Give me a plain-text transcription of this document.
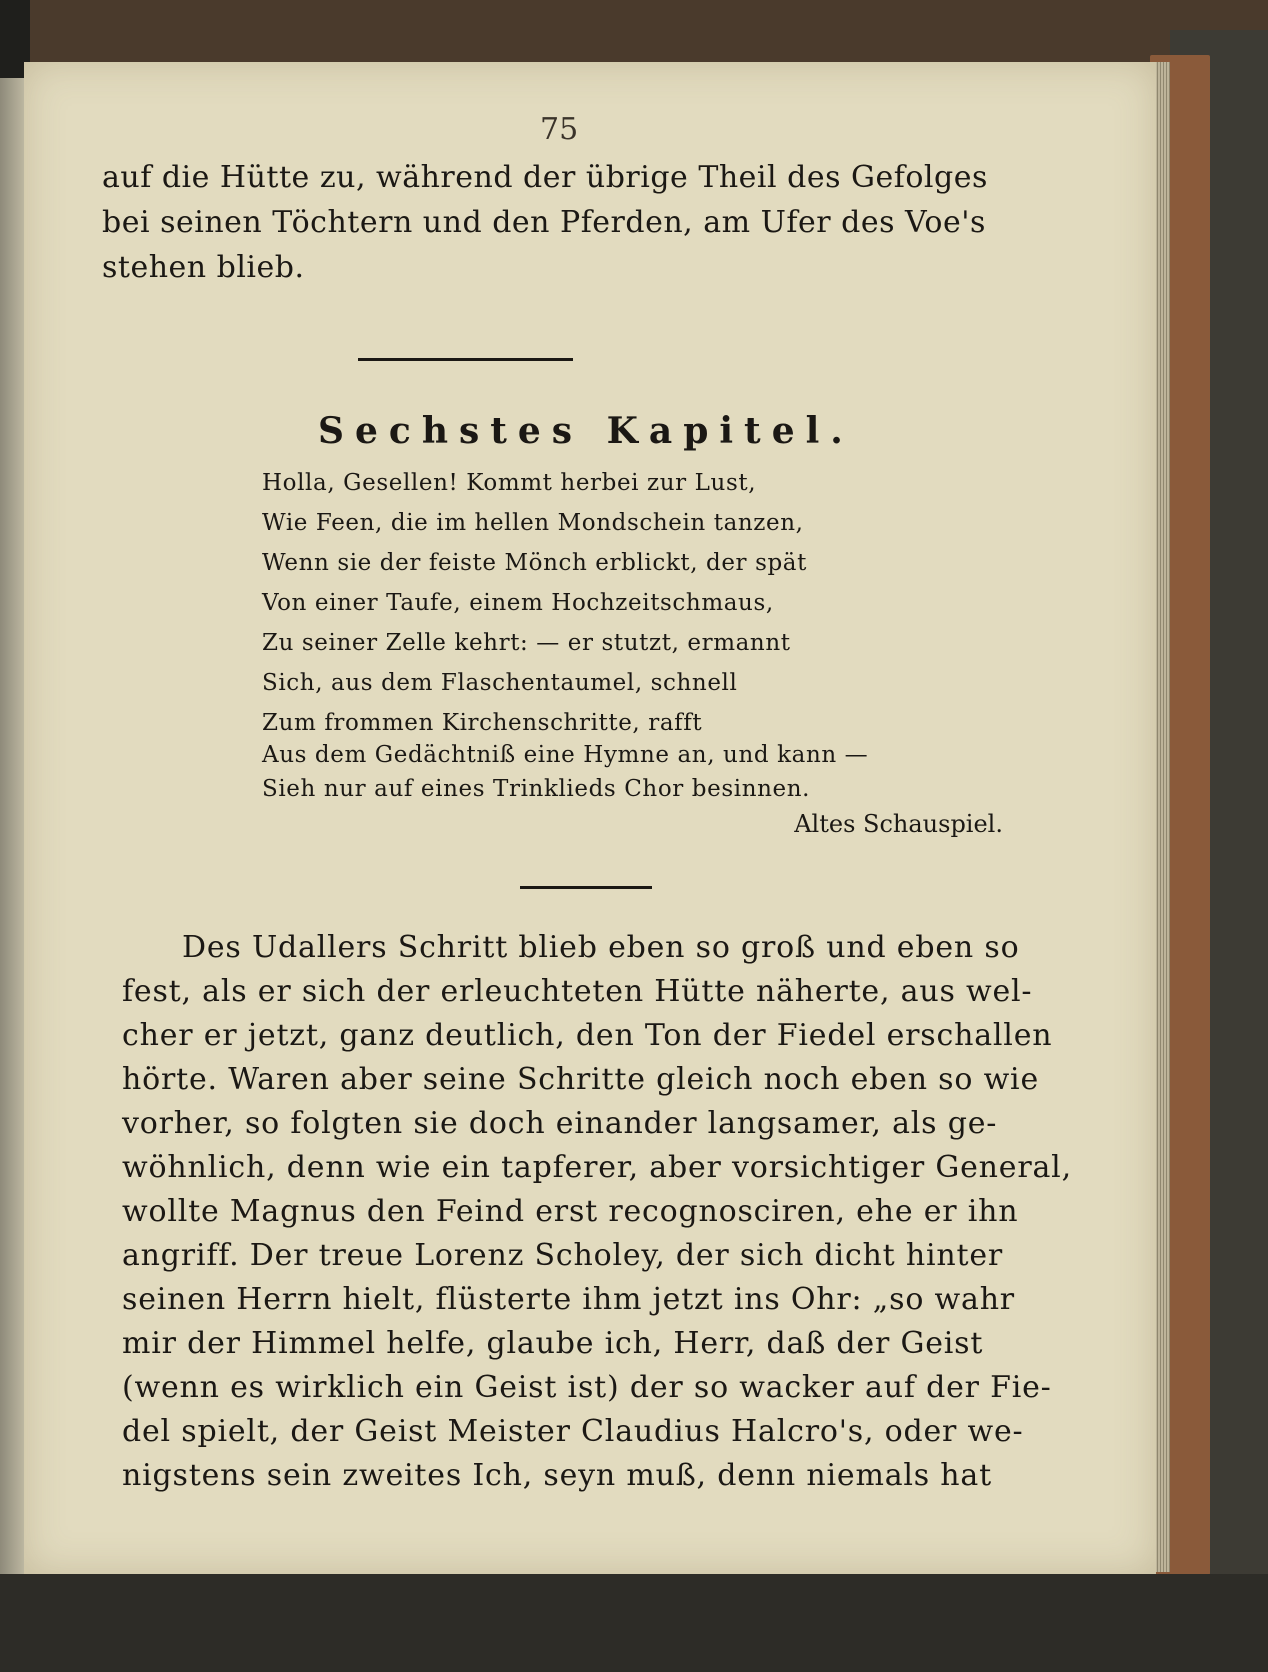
75
auf die Hütte zu, während der übrige Theil des Gefolges
bei seinen Töchtern und den Pferden, am Ufer des Voe's
stehen blieb.
Sechstes Kapitel.
Holla, Gesellen! Kommt herbei zur Lust,
Wie Feen, die im hellen Mondschein tanzen,
Wenn sie der feiste Mönch erblickt, der spät
Von einer Taufe, einem Hochzeitschmaus,
Zu seiner Zelle kehrt: — er stutzt, ermannt
Sich, aus dem Flaschentaumel, schnell
Zum frommen Kirchenschritte, rafft
Aus dem Gedächtniß eine Hymne an, und kann —
Sieh nur auf eines Trinklieds Chor besinnen.
Altes Schauspiel.
Des Udallers Schritt blieb eben so groß und eben so
fest, als er sich der erleuchteten Hütte näherte, aus wel-
cher er jetzt, ganz deutlich, den Ton der Fiedel erschallen
hörte. Waren aber seine Schritte gleich noch eben so wie
vorher, so folgten sie doch einander langsamer, als ge-
wöhnlich, denn wie ein tapferer, aber vorsichtiger General,
wollte Magnus den Feind erst recognosciren, ehe er ihn
angriff. Der treue Lorenz Scholey, der sich dicht hinter
seinen Herrn hielt, flüsterte ihm jetzt ins Ohr: „so wahr
mir der Himmel helfe, glaube ich, Herr, daß der Geist
(wenn es wirklich ein Geist ist) der so wacker auf der Fie-
del spielt, der Geist Meister Claudius Halcro's, oder we-
nigstens sein zweites Ich, seyn muß, denn niemals hat
